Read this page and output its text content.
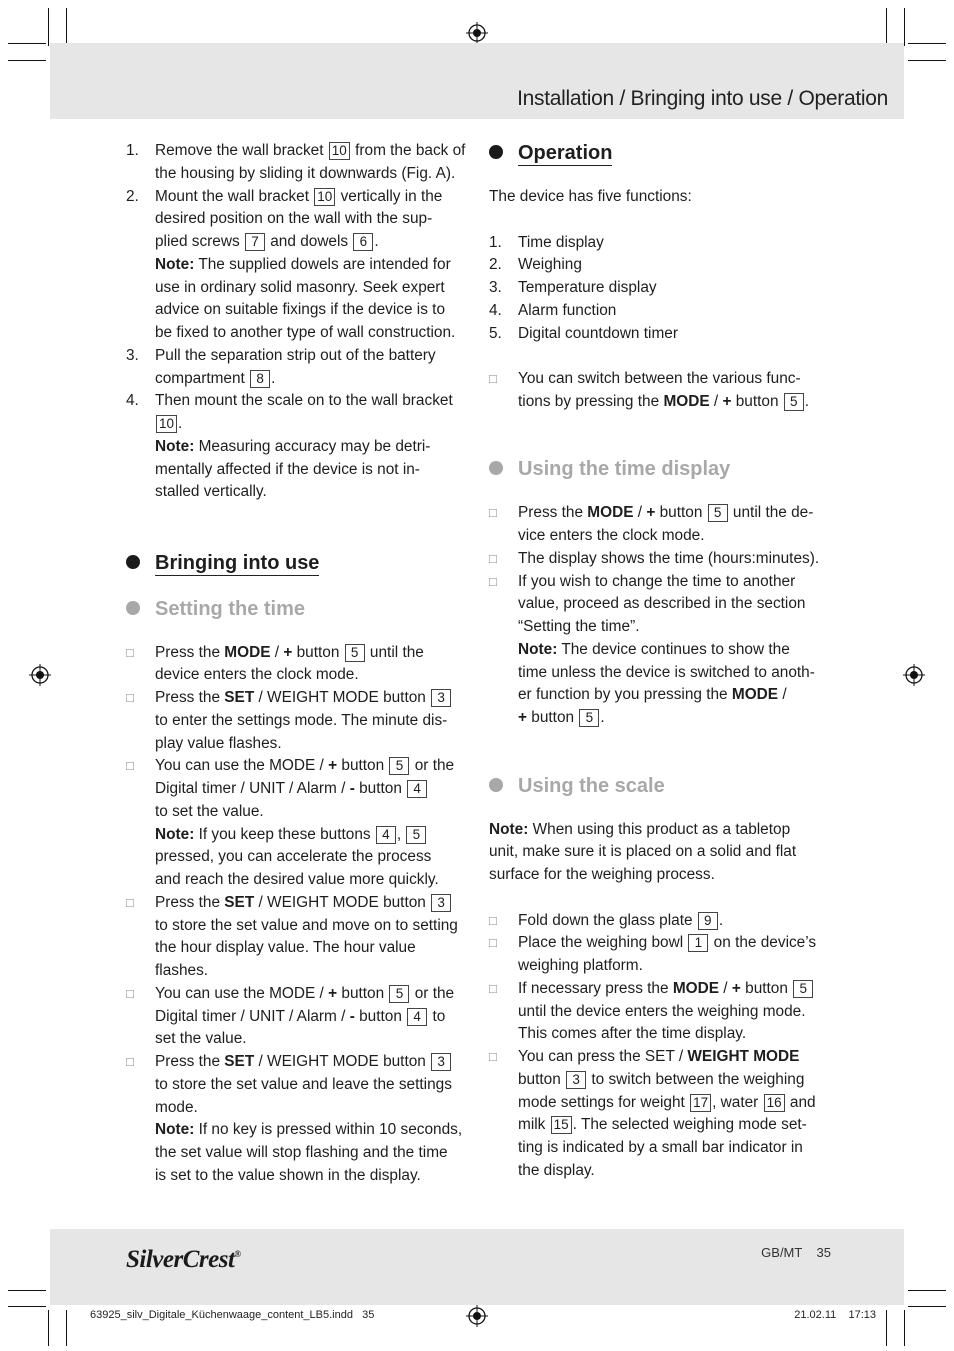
Installation / Bringing into use / Operation
1. Remove the wall bracket 10 from the back of

the housing by sliding it downwards (Fig. A).

2. Mount the wall bracket 10 vertically in the

desired position on the wall with the sup-

plied screws 7 and dowels 6 .

Note: The supplied dowels are intended for

use in ordinary solid masonry. Seek expert

advice on suitable fixings if the device is to

be fixed to another type of wall construction.

3. Pull the separation strip out of the battery

compartment 8 .

4. Then mount the scale on to the wall bracket 10 .

Note: Measuring accuracy may be detri-

mentally affected if the device is not in-

stalled vertically.

Bringing into use
Setting the time
□ Press the MODE / + button 5 until the

device enters the clock mode.

□ Press the SET / WEIGHT MODE button 3

to enter the settings mode. The minute dis-

play value flashes.

□ You can use the MODE / + button 5 or the

Digital timer / UNIT / Alarm / - button 4

to set the value.

Note: If you keep these buttons 4 , 5

pressed, you can accelerate the process

and reach the desired value more quickly.

□ Press the SET / WEIGHT MODE button 3

to store the set value and move on to setting

the hour display value. The hour value flashes.

□ You can use the MODE / + button 5 or the

Digital timer / UNIT / Alarm / - button 4 to

set the value.

□ Press the SET / WEIGHT MODE button 3

to store the set value and leave the settings

mode.

Note: If no key is pressed within 10 seconds,

the set value will stop flashing and the time

is set to the value shown in the display.

Operation

The device has five functions:

1. Time display

2. Weighing

3. Temperature display

4. Alarm function

5. Digital countdown timer

□ You can switch between the various func-

tions by pressing the MODE / + button 5 .

Using the time display
□ Press the MODE / + button 5 until the de-

vice enters the clock mode.

□ The display shows the time (hours:minutes).

□ If you wish to change the time to another

value, proceed as described in the section

“Setting the time”.

Note: The device continues to show the

time unless the device is switched to anoth-

er function by you pressing the MODE /

+ button 5 .

Using the scale

Note: When using this product as a tabletop

unit, make sure it is placed on a solid and flat

surface for the weighing process.

□ Fold down the glass plate 9 .

□ Place the weighing bowl 1 on the device’s

weighing platform.

□ If necessary press the MODE / + button 5

until the device enters the weighing mode.

This comes after the time display.

□ You can press the SET / WEIGHT MODE

button 3 to switch between the weighing

mode settings for weight 17 , water 16 and

milk 15 . The selected weighing mode set-

ting is indicated by a small bar indicator in

the display.

SilverCrest®	GB/MT    35
63925_silv_Digitale_Küchenwaage_content_LB5.indd   35	21.02.11    17:13
